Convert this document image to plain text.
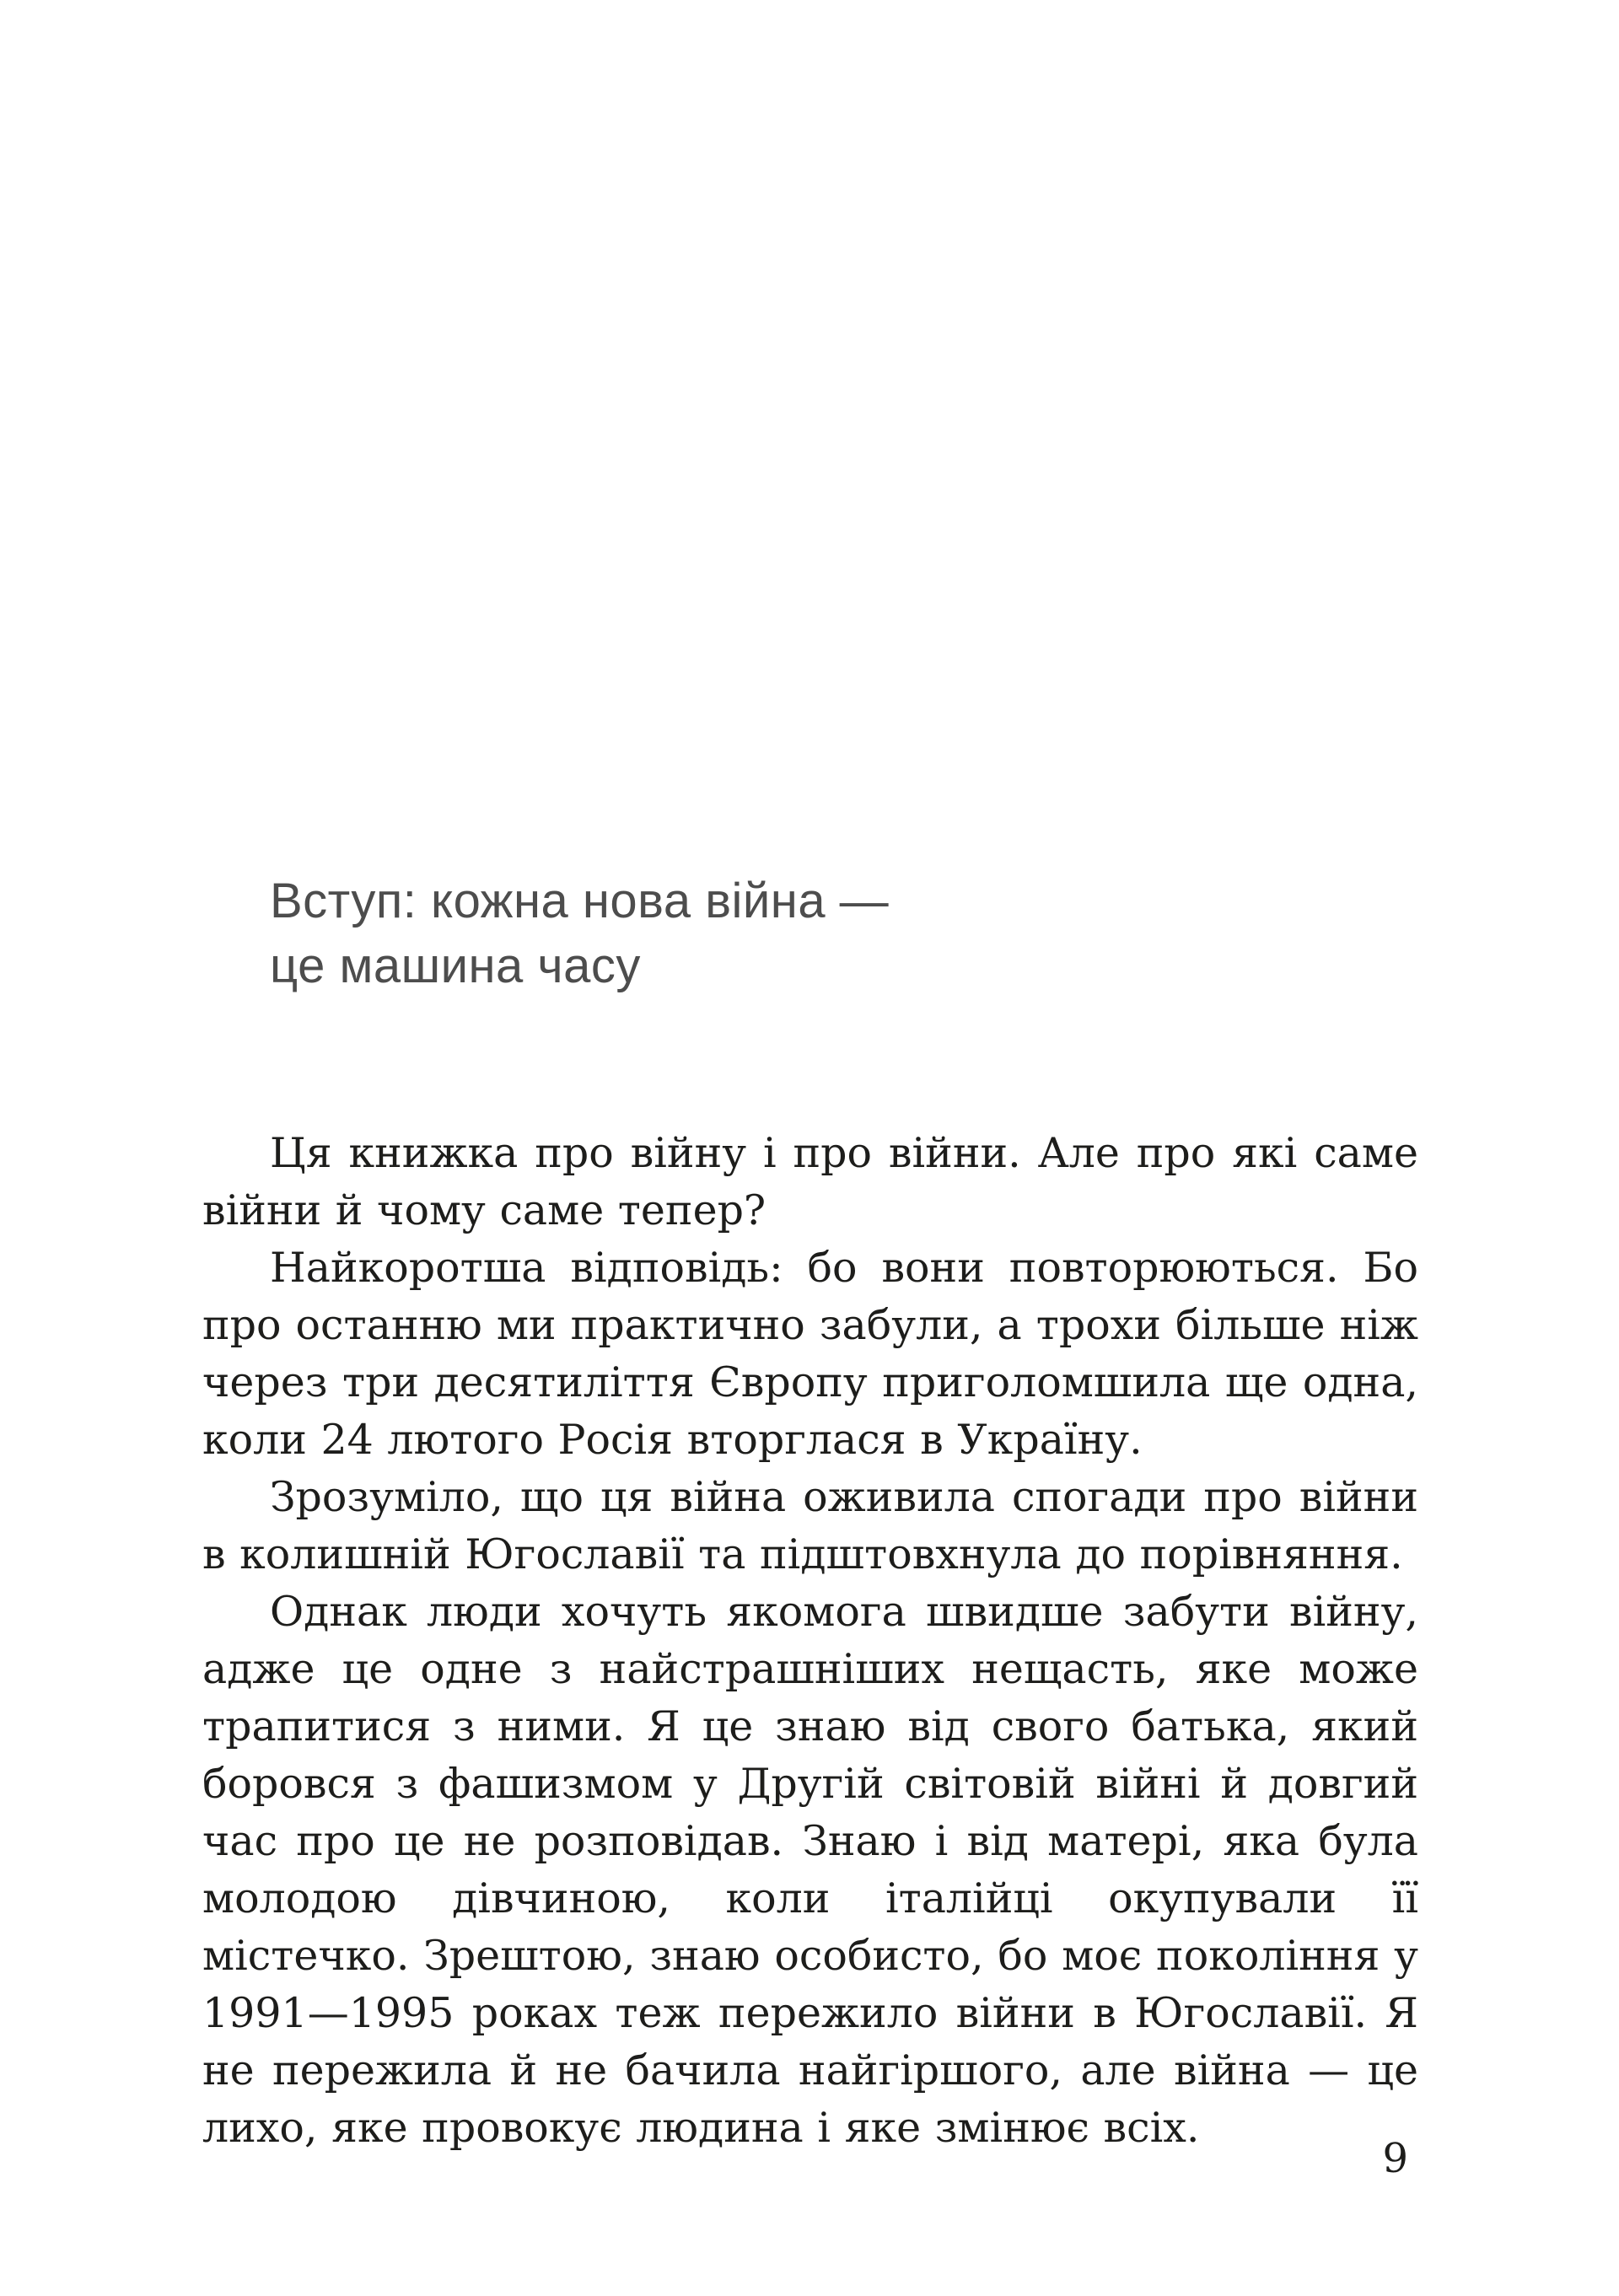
Вступ: кожна нова війна —
це машина часу

Ця книжка про війну і про війни. Але про які саме війни й чому саме тепер?

Найкоротша відповідь: бо вони повторюються. Бо про останню ми практично забули, а трохи більше ніж через три десятиліття Європу приголомшила ще одна, коли 24 лютого Росія вторглася в Україну.

Зрозуміло, що ця війна оживила спогади про війни в колишній Югославії та підштовхнула до порівняння.

Однак люди хочуть якомога швидше забути війну, адже це одне з найстрашніших нещасть, яке може трапитися з ними. Я це знаю від свого батька, який боровся з фашизмом у Другій світовій війні й довгий час про це не розповідав. Знаю і від матері, яка була молодою дівчиною, коли італійці окупували її містечко. Зрештою, знаю особисто, бо моє покоління у 1991—1995 роках теж пережило війни в Югославії. Я не пережила й не бачила найгіршого, але війна — це лихо, яке провокує людина і яке змінює всіх.

9
